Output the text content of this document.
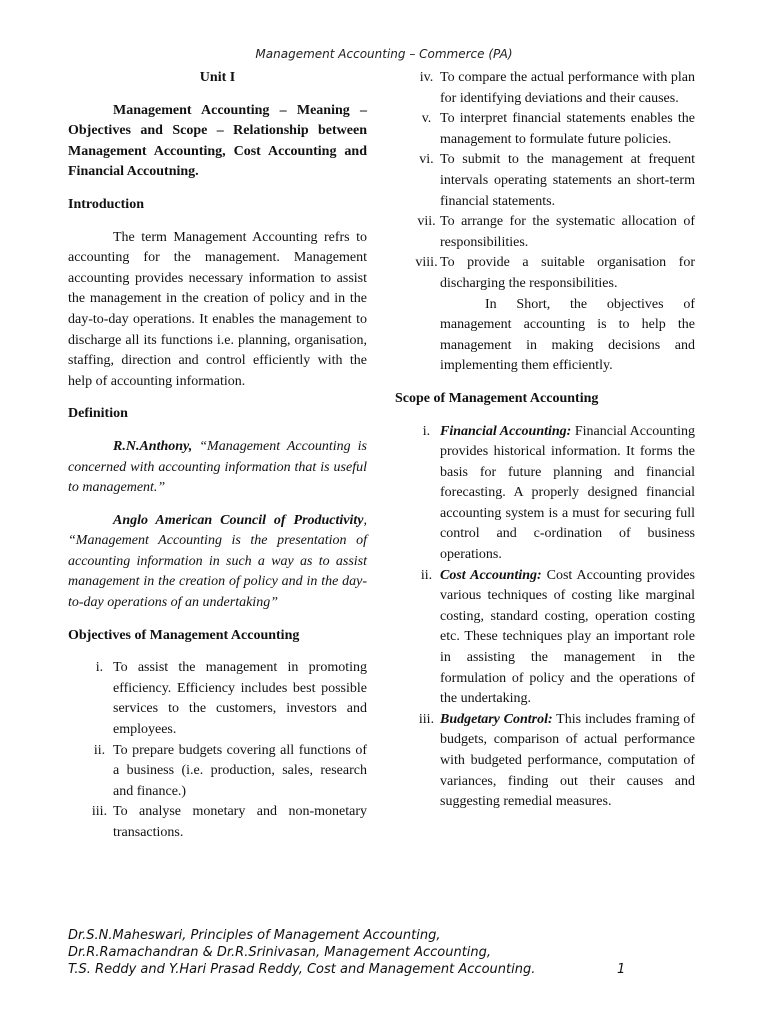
Management Accounting – Commerce (PA)
Unit I
Management Accounting – Meaning – Objectives and Scope – Relationship between Management Accounting, Cost Accounting and Financial Accoutning.
Introduction
The term Management Accounting refrs to accounting for the management. Management accounting provides necessary information to assist the management in the creation of policy and in the day-to-day operations. It enables the management to discharge all its functions i.e. planning, organisation, staffing, direction and control efficiently with the help of accounting information.
Definition
R.N.Anthony, “Management Accounting is concerned with accounting information that is useful to management.”
Anglo American Council of Productivity, “Management Accounting is the presentation of accounting information in such a way as to assist management in the creation of policy and in the day-to-day operations of an undertaking”
Objectives of Management Accounting
i. To assist the management in promoting efficiency. Efficiency includes best possible services to the customers, investors and employees.
ii. To prepare budgets covering all functions of a business (i.e. production, sales, research and finance.)
iii. To analyse monetary and non-monetary transactions.
iv. To compare the actual performance with plan for identifying deviations and their causes.
v. To interpret financial statements enables the management to formulate future policies.
vi. To submit to the management at frequent intervals operating statements an short-term financial statements.
vii. To arrange for the systematic allocation of responsibilities.
viii. To provide a suitable organisation for discharging the responsibilities.
In Short, the objectives of management accounting is to help the management in making decisions and implementing them efficiently.
Scope of Management Accounting
i. Financial Accounting: Financial Accounting provides historical information. It forms the basis for future planning and financial forecasting. A properly designed financial accounting system is a must for securing full control and c-ordination of business operations.
ii. Cost Accounting: Cost Accounting provides various techniques of costing like marginal costing, standard costing, operation costing etc. These techniques play an important role in assisting the management in the formulation of policy and the operations of the undertaking.
iii. Budgetary Control: This includes framing of budgets, comparison of actual performance with budgeted performance, computation of variances, finding out their causes and suggesting remedial measures.
Dr.S.N.Maheswari, Principles of Management Accounting,
Dr.R.Ramachandran & Dr.R.Srinivasan, Management Accounting,
T.S. Reddy and Y.Hari Prasad Reddy, Cost and Management Accounting.	1
